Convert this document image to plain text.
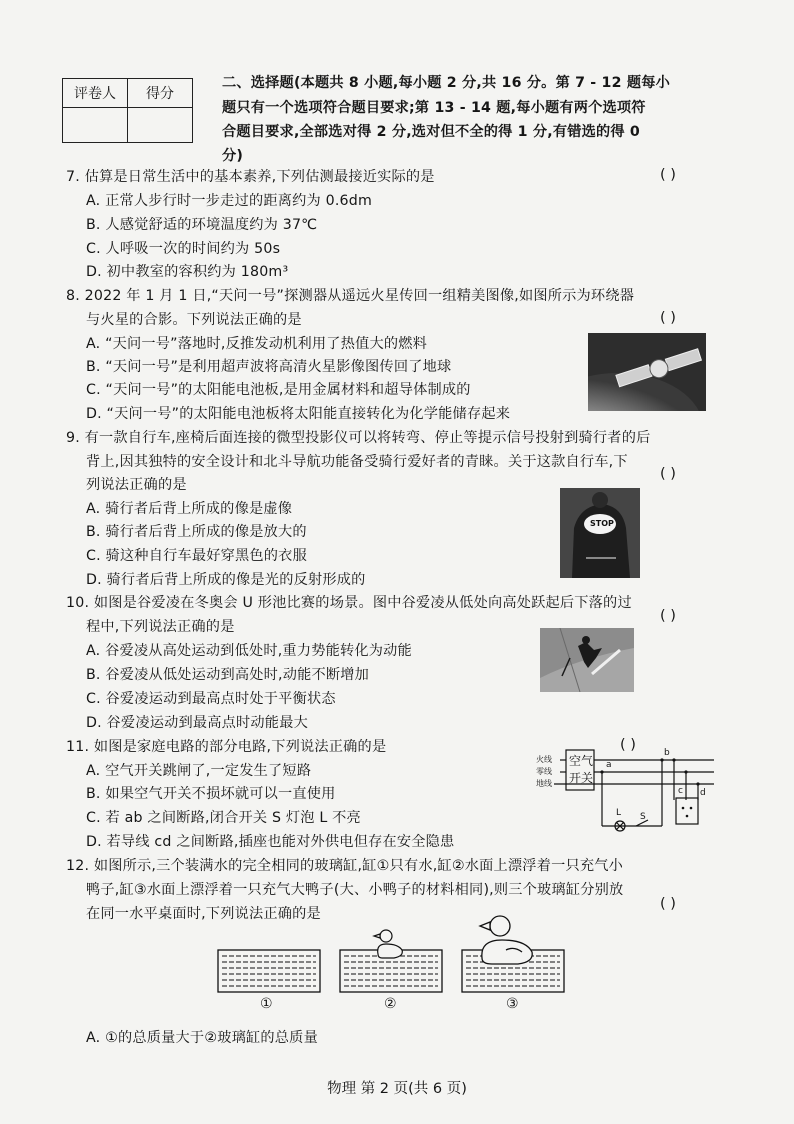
评卷人	得分

二、选择题(本题共 8 小题,每小题 2 分,共 16 分。第 7 - 12 题每小
题只有一个选项符合题目要求;第 13 - 14 题,每小题有两个选项符
合题目要求,全部选对得 2 分,选对但不全的得 1 分,有错选的得 0
分)
7. 估算是日常生活中的基本素养,下列估测最接近实际的是	( )
A. 正常人步行时一步走过的距离约为 0.6dm
B. 人感觉舒适的环境温度约为 37℃
C. 人呼吸一次的时间约为 50s
D. 初中教室的容积约为 180m³
8. 2022 年 1 月 1 日,“天问一号”探测器从遥远火星传回一组精美图像,如图所示为环绕器
与火星的合影。下列说法正确的是	( )
A. “天问一号”落地时,反推发动机利用了热值大的燃料
B. “天问一号”是利用超声波将高清火星影像图传回了地球
C. “天问一号”的太阳能电池板,是用金属材料和超导体制成的
D. “天问一号”的太阳能电池板将太阳能直接转化为化学能储存起来
9. 有一款自行车,座椅后面连接的微型投影仪可以将转弯、停止等提示信号投射到骑行者的后
背上,因其独特的安全设计和北斗导航功能备受骑行爱好者的青睐。关于这款自行车,下
列说法正确的是
( )
A. 骑行者后背上所成的像是虚像
B. 骑行者后背上所成的像是放大的
C. 骑这种自行车最好穿黑色的衣服
D. 骑行者后背上所成的像是光的反射形成的
STOP
10. 如图是谷爱凌在冬奥会 U 形池比赛的场景。图中谷爱凌从低处向高处跃起后下落的过
程中,下列说法正确的是
( )
A. 谷爱凌从高处运动到低处时,重力势能转化为动能
B. 谷爱凌从低处运动到高处时,动能不断增加
C. 谷爱凌运动到最高点时处于平衡状态
D. 谷爱凌运动到最高点时动能最大
11. 如图是家庭电路的部分电路,下列说法正确的是	( )
A. 空气开关跳闸了,一定发生了短路
B. 如果空气开关不损坏就可以一直使用
C. 若 ab 之间断路,闭合开关 S 灯泡 L 不亮
D. 若导线 cd 之间断路,插座也能对外供电但存在安全隐患
火线
零线
地线
空气
开关
a
b
c d
L S
12. 如图所示,三个装满水的完全相同的玻璃缸,缸①只有水,缸②水面上漂浮着一只充气小
鸭子,缸③水面上漂浮着一只充气大鸭子(大、小鸭子的材料相同),则三个玻璃缸分别放
在同一水平桌面时,下列说法正确的是
( )
①	②	③
A. ①的总质量大于②玻璃缸的总质量
物理 第 2 页(共 6 页)
